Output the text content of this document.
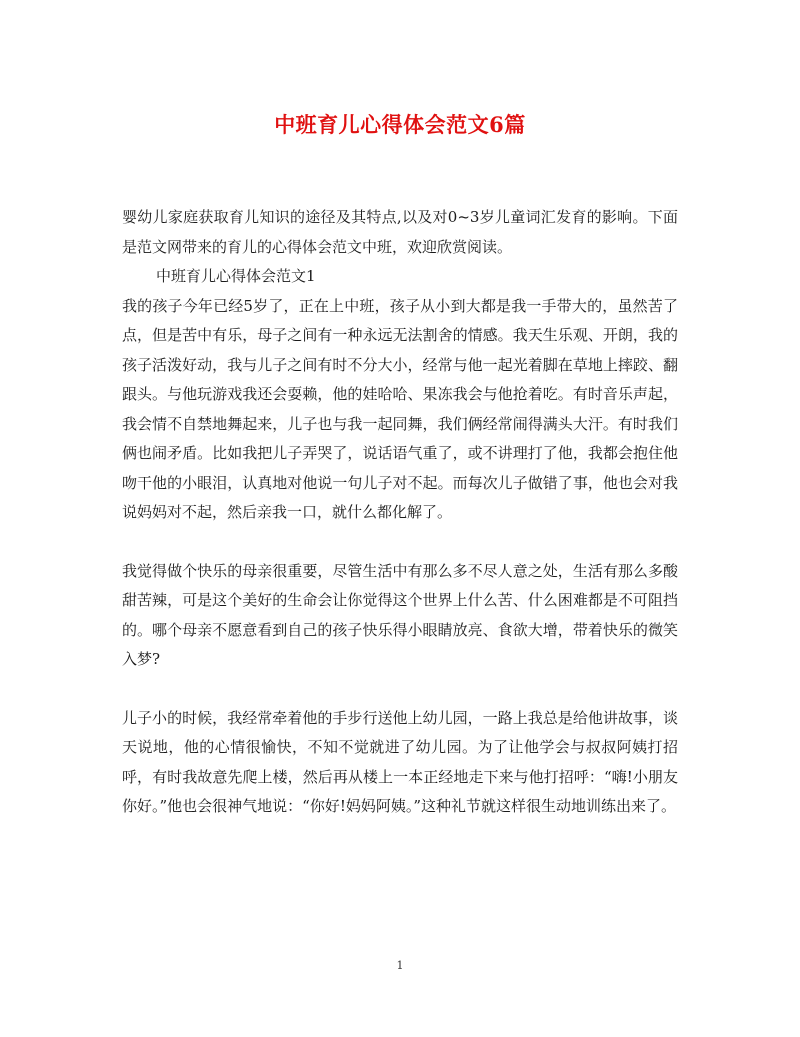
中班育儿心得体会范文6篇

婴幼儿家庭获取育儿知识的途径及其特点,以及对0~3岁儿童词汇发育的影响。下面是范文网带来的育儿的心得体会范文中班，欢迎欣赏阅读。

中班育儿心得体会范文1

我的孩子今年已经5岁了，正在上中班，孩子从小到大都是我一手带大的，虽然苦了点，但是苦中有乐，母子之间有一种永远无法割舍的情感。我天生乐观、开朗，我的孩子活泼好动，我与儿子之间有时不分大小，经常与他一起光着脚在草地上摔跤、翻跟头。与他玩游戏我还会耍赖，他的娃哈哈、果冻我会与他抢着吃。有时音乐声起，我会情不自禁地舞起来，儿子也与我一起同舞，我们俩经常闹得满头大汗。有时我们俩也闹矛盾。比如我把儿子弄哭了，说话语气重了，或不讲理打了他，我都会抱住他吻干他的小眼泪，认真地对他说一句儿子对不起。而每次儿子做错了事，他也会对我说妈妈对不起，然后亲我一口，就什么都化解了。

我觉得做个快乐的母亲很重要，尽管生活中有那么多不尽人意之处，生活有那么多酸甜苦辣，可是这个美好的生命会让你觉得这个世界上什么苦、什么困难都是不可阻挡的。哪个母亲不愿意看到自己的孩子快乐得小眼睛放亮、食欲大增，带着快乐的微笑入梦?

儿子小的时候，我经常牵着他的手步行送他上幼儿园，一路上我总是给他讲故事，谈天说地，他的心情很愉快，不知不觉就进了幼儿园。为了让他学会与叔叔阿姨打招呼，有时我故意先爬上楼，然后再从楼上一本正经地走下来与他打招呼：“嗨!小朋友你好。”他也会很神气地说：“你好!妈妈阿姨。”这种礼节就这样很生动地训练出来了。

1
